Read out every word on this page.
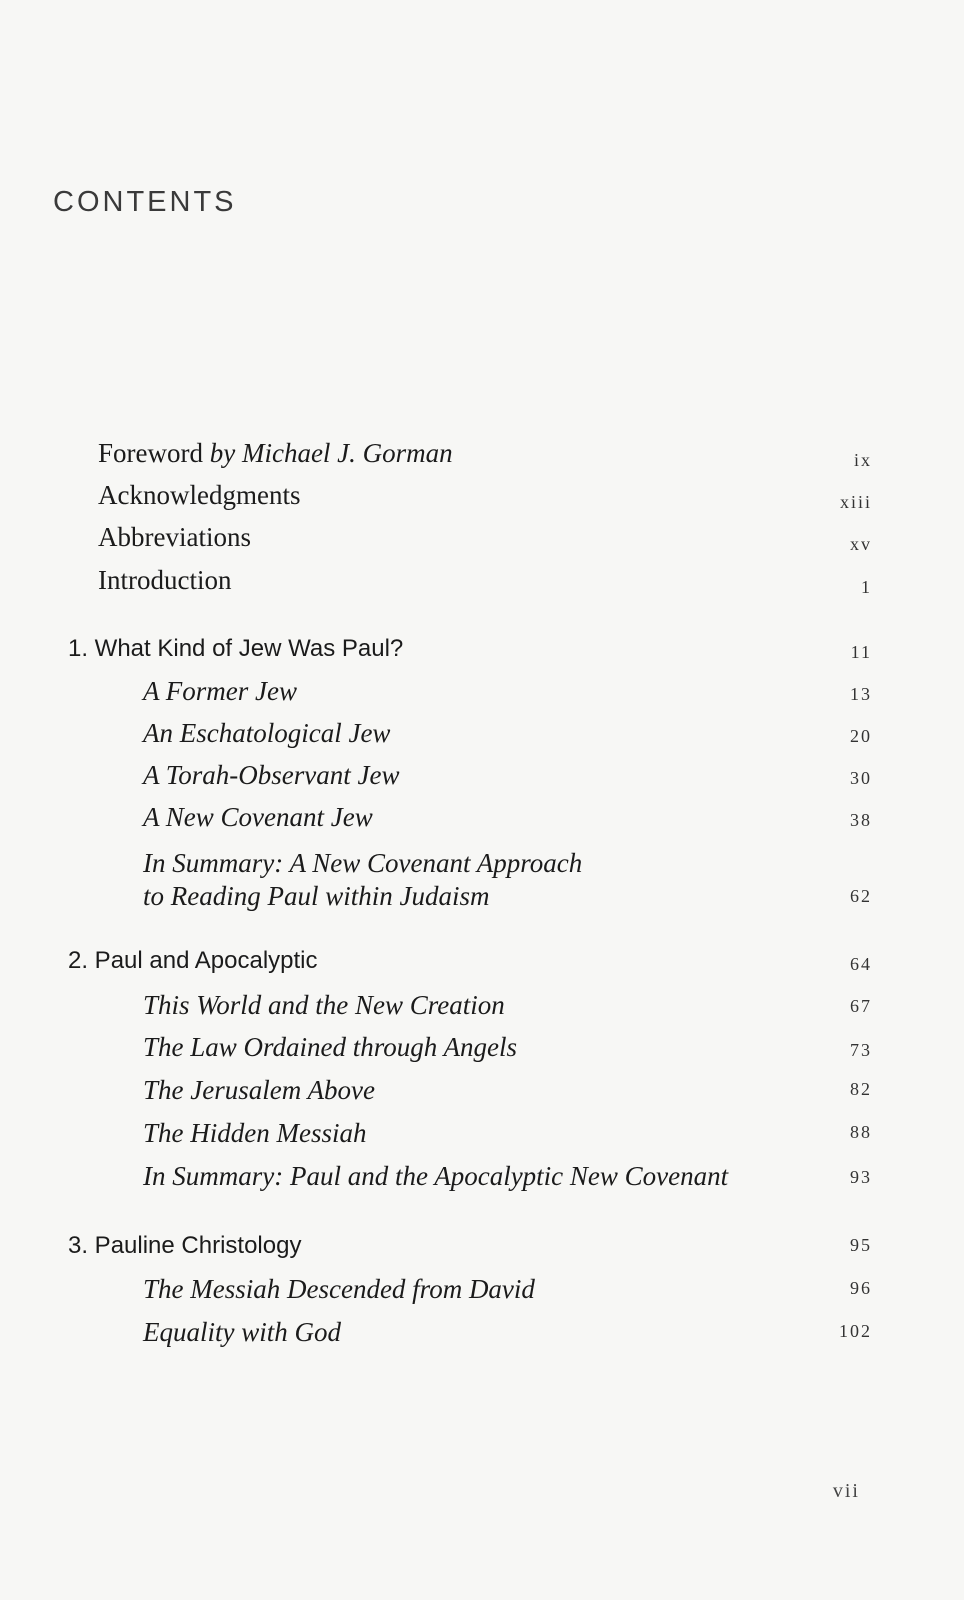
CONTENTS
Foreword by Michael J. Gorman	ix
Acknowledgments	xiii
Abbreviations	xv
Introduction	1
1. What Kind of Jew Was Paul?	11
A Former Jew	13
An Eschatological Jew	20
A Torah-Observant Jew	30
A New Covenant Jew	38
In Summary: A New Covenant Approach
to Reading Paul within Judaism	62
2. Paul and Apocalyptic	64
This World and the New Creation	67
The Law Ordained through Angels	73
The Jerusalem Above	82
The Hidden Messiah	88
In Summary: Paul and the Apocalyptic New Covenant	93
3. Pauline Christology	95
The Messiah Descended from David	96
Equality with God	102
vii
